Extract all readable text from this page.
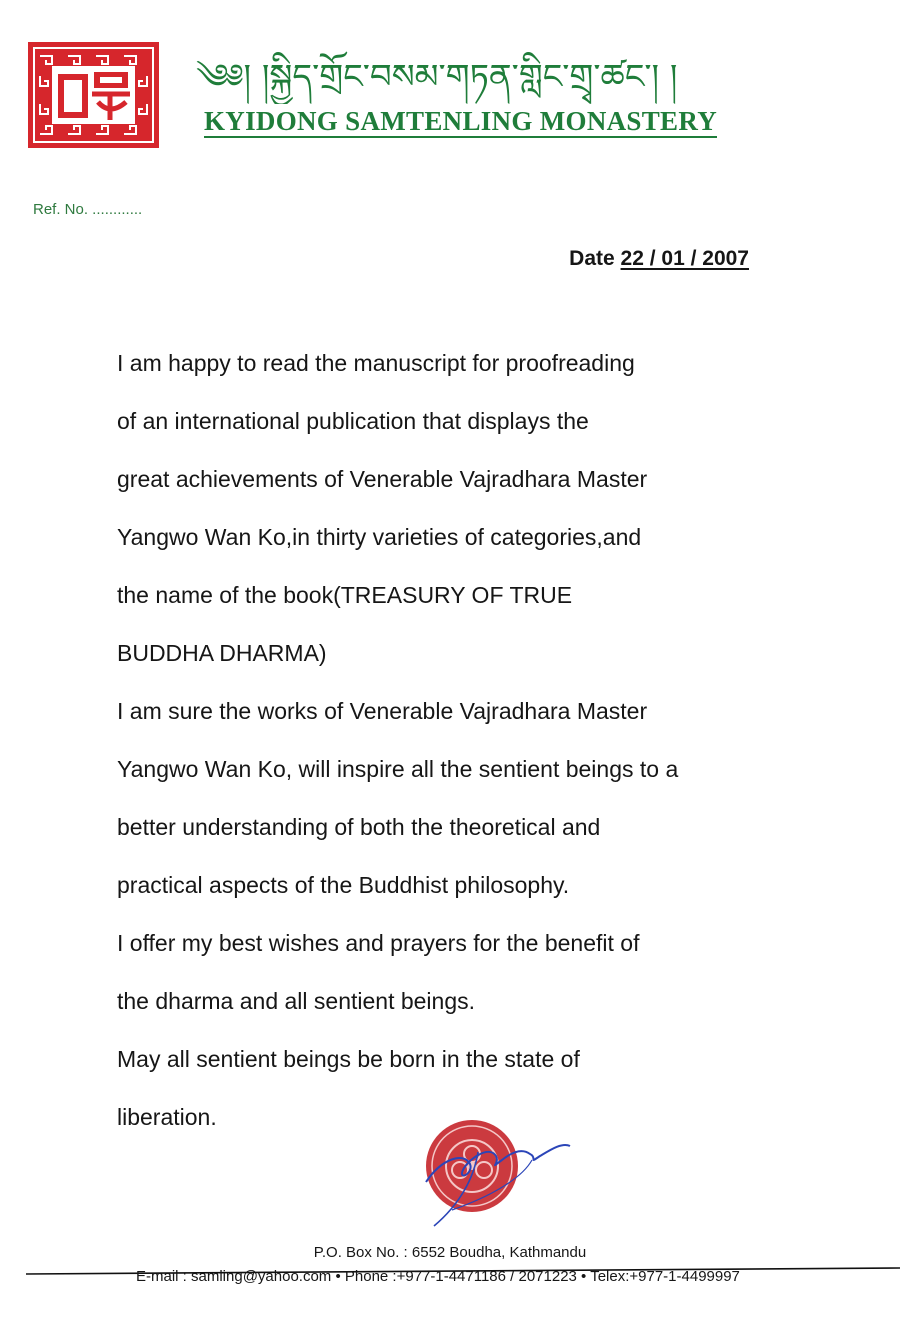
༄༅། །སྐྱིད་གྲོང་བསམ་གཏན་གླིང་གྲྭ་ཚང་། །
KYIDONG SAMTENLING MONASTERY
Ref. No. ............
Date 22 / 01 / 2007
I am happy to read the manuscript for proofreading
of an international publication that displays the
great achievements of Venerable Vajradhara Master
Yangwo Wan Ko,in thirty varieties of categories,and
the name of the book(TREASURY OF TRUE
BUDDHA DHARMA)
I am sure the works of Venerable Vajradhara Master
Yangwo Wan Ko, will inspire all the sentient beings to a
better understanding of both the theoretical and
practical aspects of the Buddhist philosophy.
I offer my best wishes and prayers for the benefit of
the dharma and all sentient beings.
May all sentient beings be born in the state of
liberation.
P.O. Box No. : 6552 Boudha, Kathmandu
E-mail : samling@yahoo.com • Phone :+977-1-4471186 / 2071223 • Telex:+977-1-4499997
